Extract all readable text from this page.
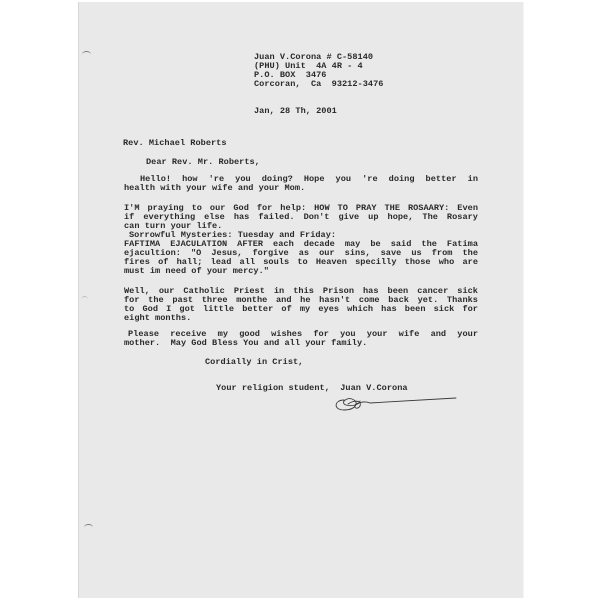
Juan V.Corona # C-58140
(PHU) Unit  4A 4R - 4
P.O. BOX  3476
Corcoran,  Ca  93212-3476
Jan, 28 Th, 2001
Rev. Michael Roberts
Dear Rev. Mr. Roberts,
Hello! how 're you doing? Hope you 're doing better in
health with your wife and your Mom.
I'M praying to our God for help: HOW TO PRAY THE ROSAARY: Even
if everything else has failed. Don't give up hope, The Rosary
can turn your life.
Sorrowful Mysteries: Tuesday and Friday:
FAFTIMA EJACULATION AFTER each decade may be said the Fatima
ejacultion: "O Jesus, forgive as our sins, save us from the
fires of hall; lead all souls to Heaven specilly those who are
must im need of your mercy."
Well, our Catholic Priest in this Prison has been cancer sick
for the past three monthe and he hasn't come back yet. Thanks
to God I got little better of my eyes which has been sick for
eight months.
Please receive my good wishes for you your wife and your
mother.  May God Bless You and all your family.
Cordially in Crist,
Your religion student,  Juan V.Corona
